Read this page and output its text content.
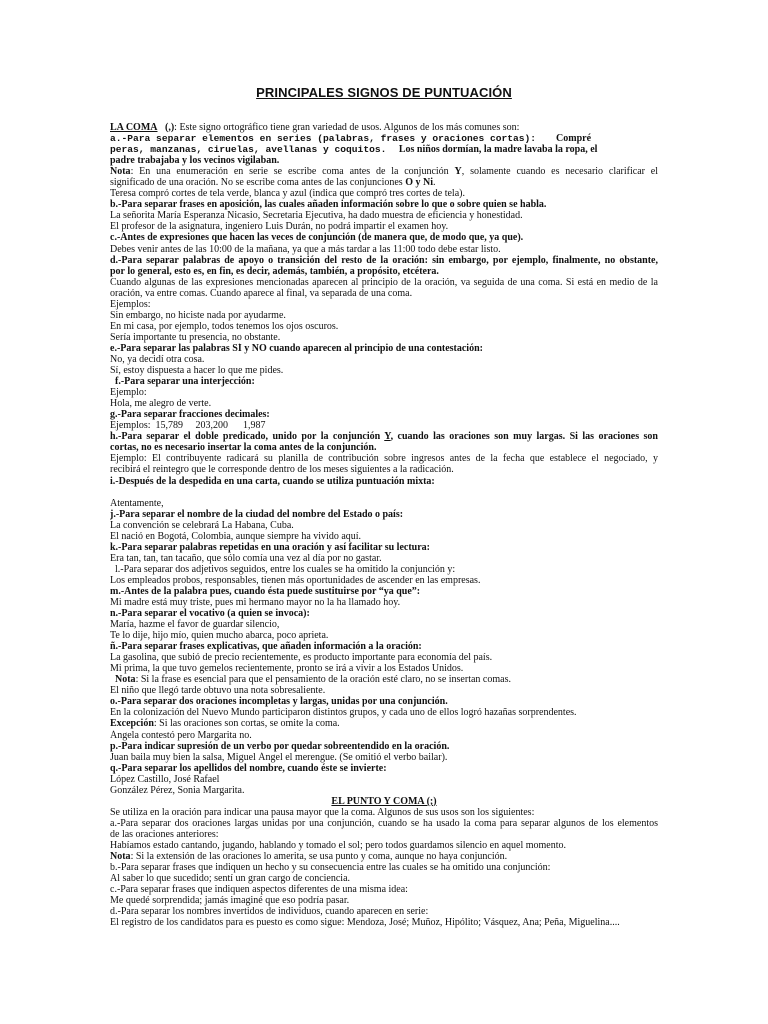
PRINCIPALES SIGNOS DE PUNTUACIÓN
LA COMA (,): Este signo ortográfico tiene gran variedad de usos. Algunos de los más comunes son:
a.-Para separar elementos en series (palabras, frases y oraciones cortas): Compré
peras, manzanas, ciruelas, avellanas y coquitos. Los niños dormían, la madre lavaba la ropa, el
padre trabajaba y los vecinos vigilaban.
Nota: En una enumeración en serie se escribe coma antes de la conjunción Y, solamente cuando es necesario clarificar el
significado de una oración. No se escribe coma antes de las conjunciones O y Ni.
Teresa compró cortes de tela verde, blanca y azul (indica que compró tres cortes de tela).
b.-Para separar frases en aposición, las cuales añaden información sobre lo que o sobre quien se habla.
La señorita María Esperanza Nicasio, Secretaria Ejecutiva, ha dado muestra de eficiencia y honestidad.
El profesor de la asignatura, ingeniero Luis Durán, no podrá impartir el examen hoy.
c.-Antes de expresiones que hacen las veces de conjunción (de manera que, de modo que, ya que).
Debes venir antes de las 10:00 de la mañana, ya que a más tardar a las 11:00 todo debe estar listo.
d.-Para separar palabras de apoyo o transición del resto de la oración: sin embargo, por ejemplo, finalmente, no obstante,
por lo general, esto es, en fin, es decir, además, también, a propósito, etcétera.
Cuando algunas de las expresiones mencionadas aparecen al principio de la oración, va seguida de una coma. Si está en medio de la
oración, va entre comas. Cuando aparece al final, va separada de una coma.
Ejemplos:
Sin embargo, no hiciste nada por ayudarme.
En mi casa, por ejemplo, todos tenemos los ojos oscuros.
Sería importante tu presencia, no obstante.
e.-Para separar las palabras SÍ y NO cuando aparecen al principio de una contestación:
No, ya decidí otra cosa.
Sí, estoy dispuesta a hacer lo que me pides.
f.-Para separar una interjección:
Ejemplo:
Hola, me alegro de verte.
g.-Para separar fracciones decimales:
Ejemplos:  15,789     203,200      1,987
h.-Para separar el doble predicado, unido por la conjunción Y, cuando las oraciones son muy largas. Si las oraciones son
cortas, no es necesario insertar la coma antes de la conjunción.
Ejemplo: El contribuyente radicará su planilla de contribución sobre ingresos antes de la fecha que establece el negociado, y
recibirá el reintegro que le corresponde dentro de los meses siguientes a la radicación.
i.-Después de la despedida en una carta, cuando se utiliza puntuación mixta:
Atentamente,
j.-Para separar el nombre de la ciudad del nombre del Estado o país:
La convención se celebrará La Habana, Cuba.
El nació en Bogotá, Colombia, aunque siempre ha vivido aquí.
k.-Para separar palabras repetidas en una oración y así facilitar su lectura:
Era tan, tan, tan tacaño, que sólo comía una vez al día por no gastar.
l.-Para separar dos adjetivos seguidos, entre los cuales se ha omitido la conjunción y:
Los empleados probos, responsables, tienen más oportunidades de ascender en las empresas.
m.-Antes de la palabra pues, cuando ésta puede sustituirse por “ya que”:
Mi madre está muy triste, pues mi hermano mayor no la ha llamado hoy.
n.-Para separar el vocativo (a quien se invoca):
María, hazme el favor de guardar silencio,
Te lo dije, hijo mío, quien mucho abarca, poco aprieta.
ñ.-Para separar frases explicativas, que añaden información a la oración:
La gasolina, que subió de precio recientemente, es producto importante para economía del país.
Mi prima, la que tuvo gemelos recientemente, pronto se irá a vivir a los Estados Unidos.
Nota: Si la frase es esencial para que el pensamiento de la oración esté claro, no se insertan comas.
El niño que llegó tarde obtuvo una nota sobresaliente.
o.-Para separar dos oraciones incompletas y largas, unidas por una conjunción.
En la colonización del Nuevo Mundo participaron distintos grupos, y cada uno de ellos logró hazañas sorprendentes.
Excepción: Si las oraciones son cortas, se omite la coma.
Ángela contestó pero Margarita no.
p.-Para indicar supresión de un verbo por quedar sobreentendido en la oración.
Juan baila muy bien la salsa, Miguel Ángel el merengue. (Se omitió el verbo bailar).
q.-Para separar los apellidos del nombre, cuando éste se invierte:
López Castillo, José Rafael
González Pérez, Sonia Margarita.
EL PUNTO Y COMA (;)
Se utiliza en la oración para indicar una pausa mayor que la coma. Algunos de sus usos son los siguientes:
a.-Para separar dos oraciones largas unidas por una conjunción, cuando se ha usado la coma para separar algunos de los elementos
de las oraciones anteriores:
Habíamos estado cantando, jugando, hablando y tomado el sol; pero todos guardamos silencio en aquel momento.
Nota: Si la extensión de las oraciones lo amerita, se usa punto y coma, aunque no haya conjunción.
b.-Para separar frases que indiquen un hecho y su consecuencia entre las cuales se ha omitido una conjunción:
Al saber lo que sucedido; sentí un gran cargo de conciencia.
c.-Para separar frases que indiquen aspectos diferentes de una misma idea:
Me quedé sorprendida; jamás imaginé que eso podría pasar.
d.-Para separar los nombres invertidos de individuos, cuando aparecen en serie:
El registro de los candidatos para es puesto es como sigue: Mendoza, José; Muñoz, Hipólito; Vásquez, Ana; Peña, Miguelina....
